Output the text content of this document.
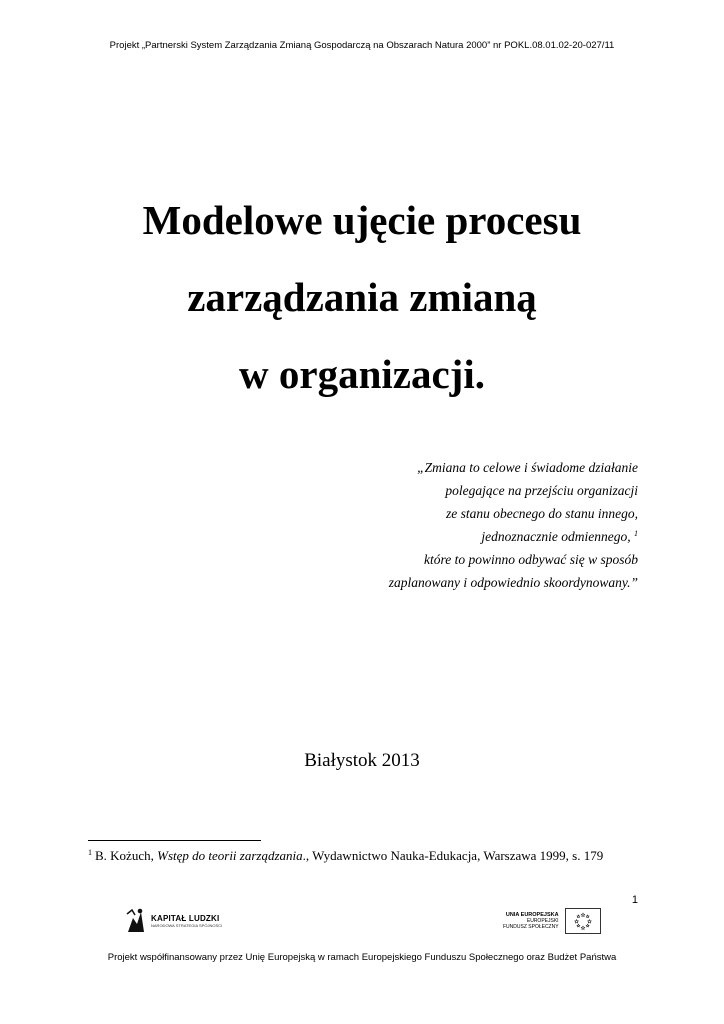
Projekt „Partnerski System Zarządzania Zmianą Gospodarczą na Obszarach Natura 2000” nr POKL.08.01.02-20-027/11
Modelowe ujęcie procesu
zarządzania zmianą
w organizacji.
„Zmiana to celowe i świadome działanie
polegające na przejściu organizacji
ze stanu obecnego do stanu innego,
jednoznacznie odmiennego, $^1$
które to powinno odbywać się w sposób
zaplanowany i odpowiednio skoordynowany.”
Białystok 2013
$^1$ B. Kożuch, Wstęp do teorii zarządzania., Wydawnictwo Nauka-Edukacja, Warszawa 1999, s. 179
1
KAPITAŁ LUDZKI
NARODOWA STRATEGIA SPÓJNOŚCI
UNIA EUROPEJSKA
EUROPEJSKI
FUNDUSZ SPOŁECZNY
Projekt współfinansowany przez Unię Europejską w ramach Europejskiego Funduszu Społecznego oraz Budżet Państwa
